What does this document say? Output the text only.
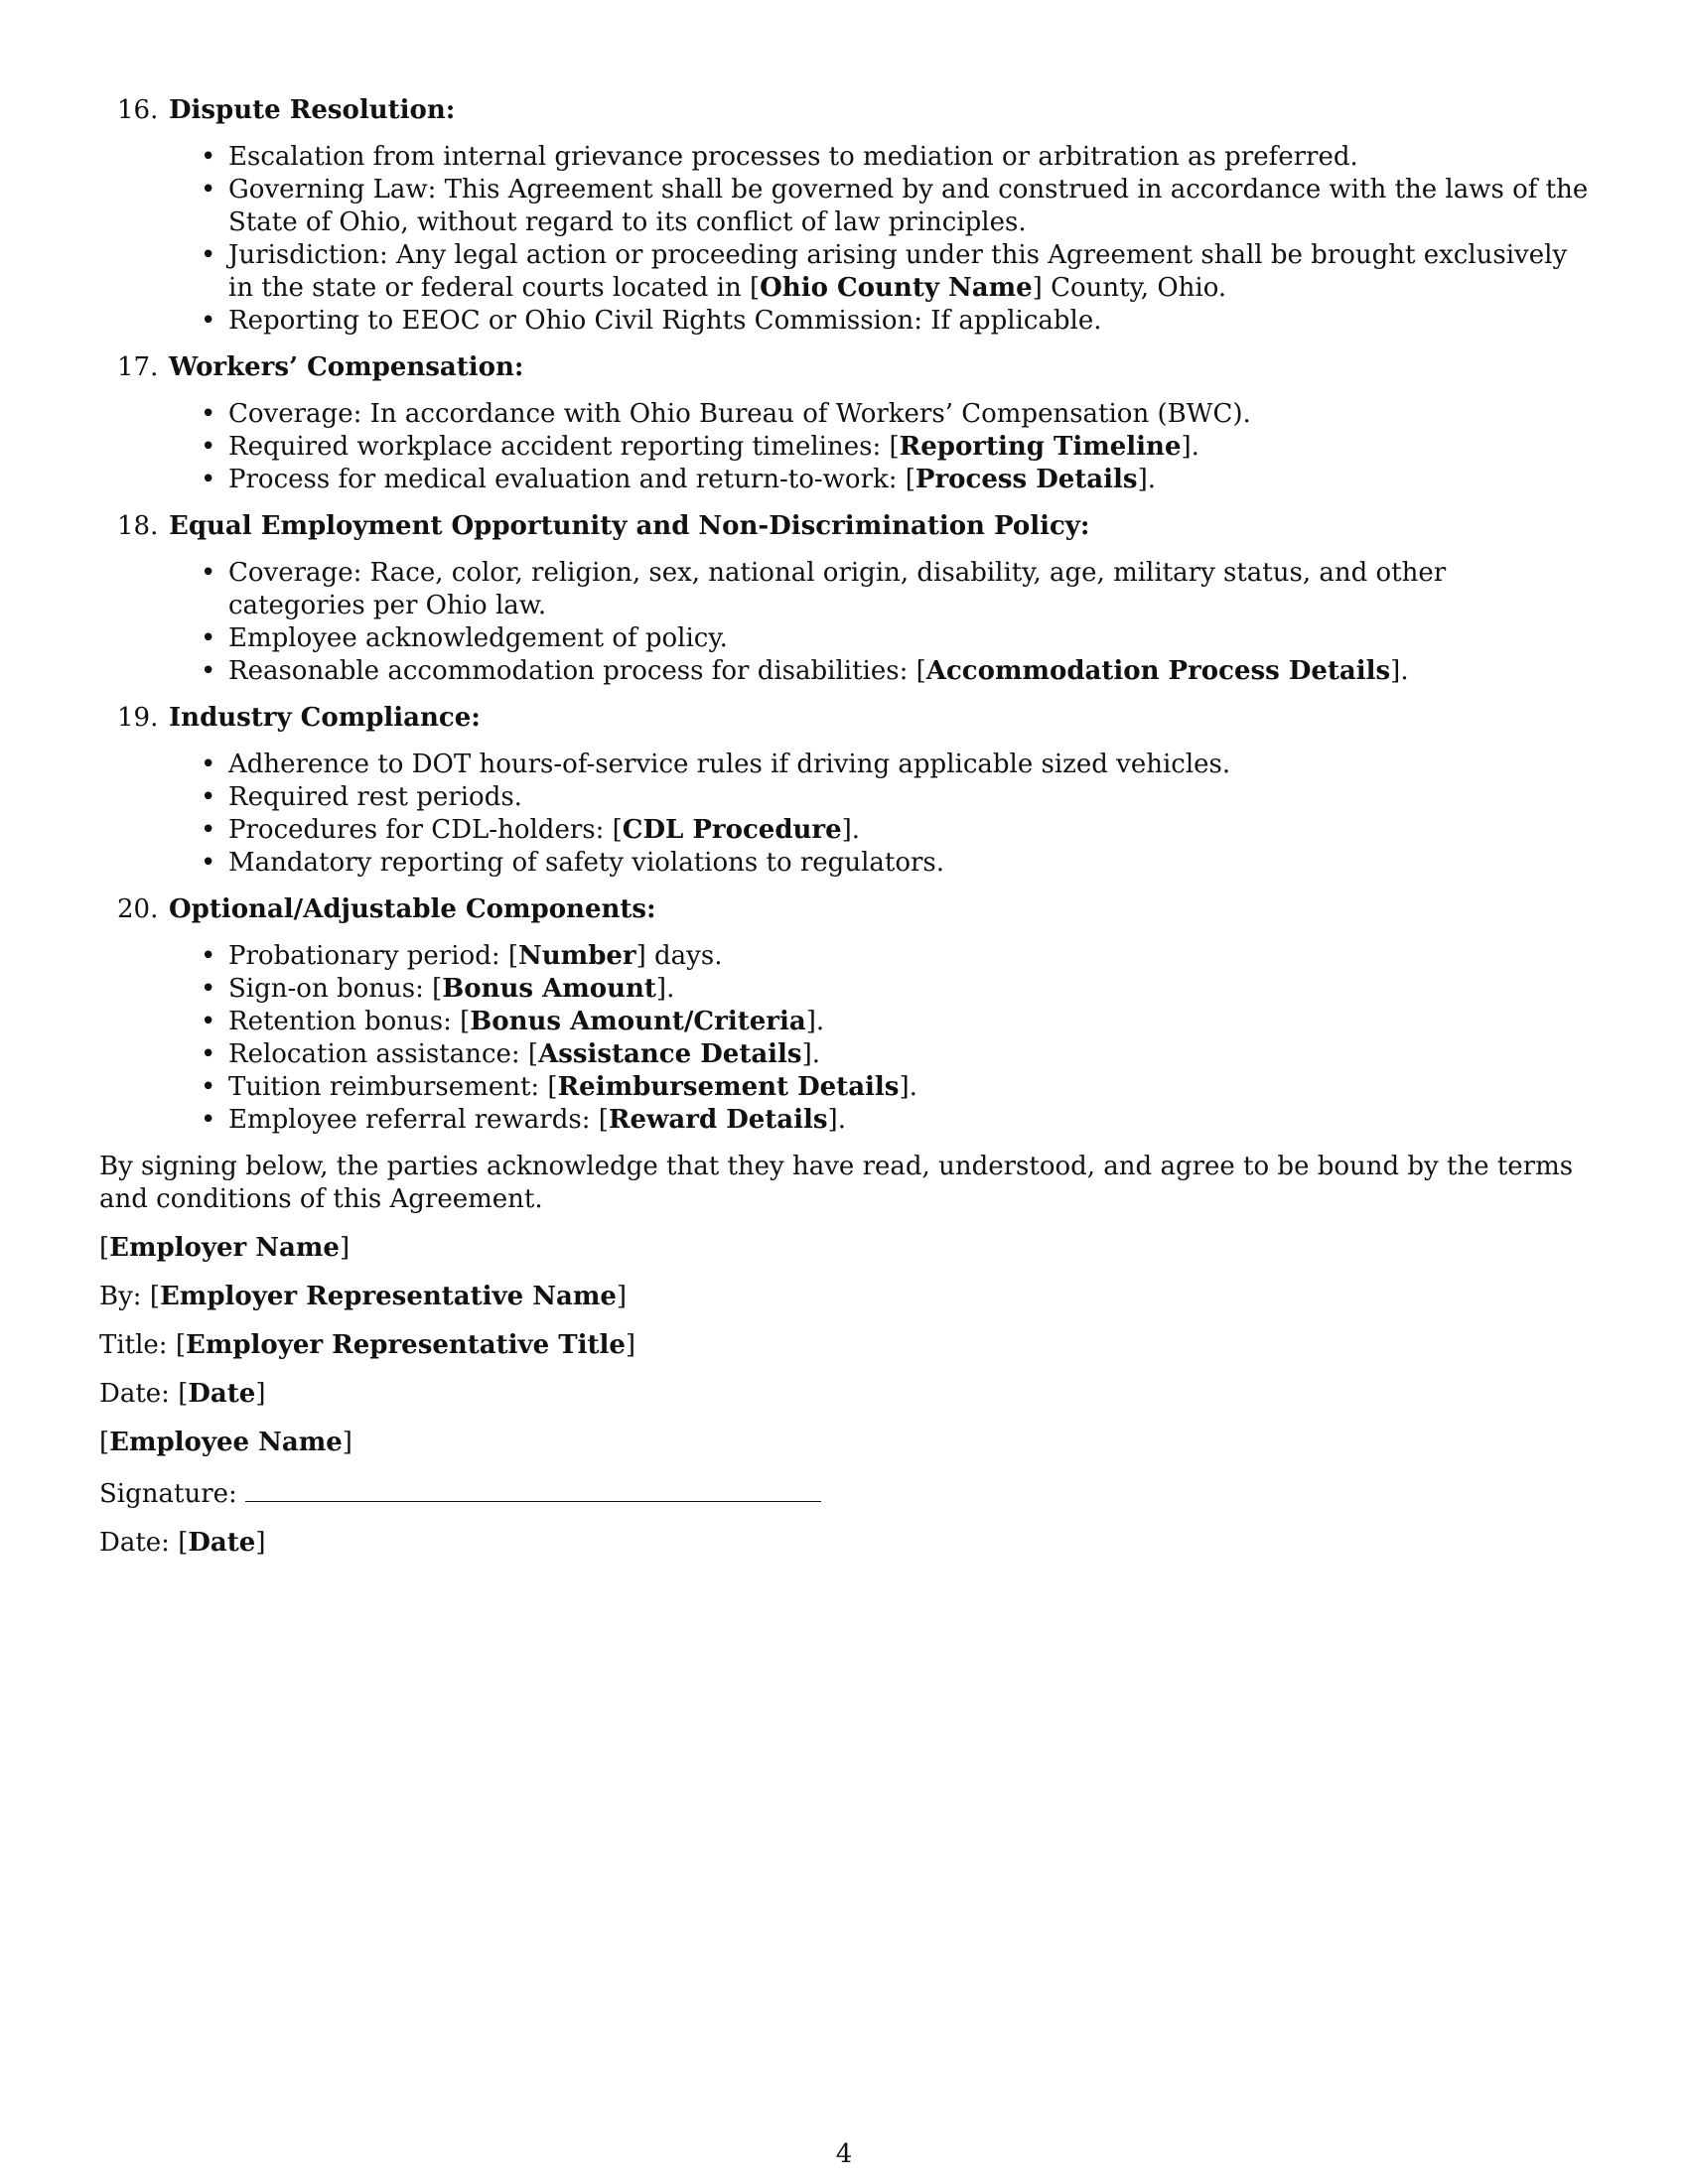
16. Dispute Resolution:
• Escalation from internal grievance processes to mediation or arbitration as preferred.
• Governing Law: This Agreement shall be governed by and construed in accordance with the laws of the State of Ohio, without regard to its conflict of law principles.
• Jurisdiction: Any legal action or proceeding arising under this Agreement shall be brought exclusively in the state or federal courts located in [Ohio County Name] County, Ohio.
• Reporting to EEOC or Ohio Civil Rights Commission: If applicable.
17. Workers’ Compensation:
• Coverage: In accordance with Ohio Bureau of Workers’ Compensation (BWC).
• Required workplace accident reporting timelines: [Reporting Timeline].
• Process for medical evaluation and return-to-work: [Process Details].
18. Equal Employment Opportunity and Non-Discrimination Policy:
• Coverage: Race, color, religion, sex, national origin, disability, age, military status, and other categories per Ohio law.
• Employee acknowledgement of policy.
• Reasonable accommodation process for disabilities: [Accommodation Process Details].
19. Industry Compliance:
• Adherence to DOT hours-of-service rules if driving applicable sized vehicles.
• Required rest periods.
• Procedures for CDL-holders: [CDL Procedure].
• Mandatory reporting of safety violations to regulators.
20. Optional/Adjustable Components:
• Probationary period: [Number] days.
• Sign-on bonus: [Bonus Amount].
• Retention bonus: [Bonus Amount/Criteria].
• Relocation assistance: [Assistance Details].
• Tuition reimbursement: [Reimbursement Details].
• Employee referral rewards: [Reward Details].
By signing below, the parties acknowledge that they have read, understood, and agree to be bound by the terms and conditions of this Agreement.
[Employer Name]
By: [Employer Representative Name]
Title: [Employer Representative Title]
Date: [Date]
[Employee Name]
Signature:
Date: [Date]
4
